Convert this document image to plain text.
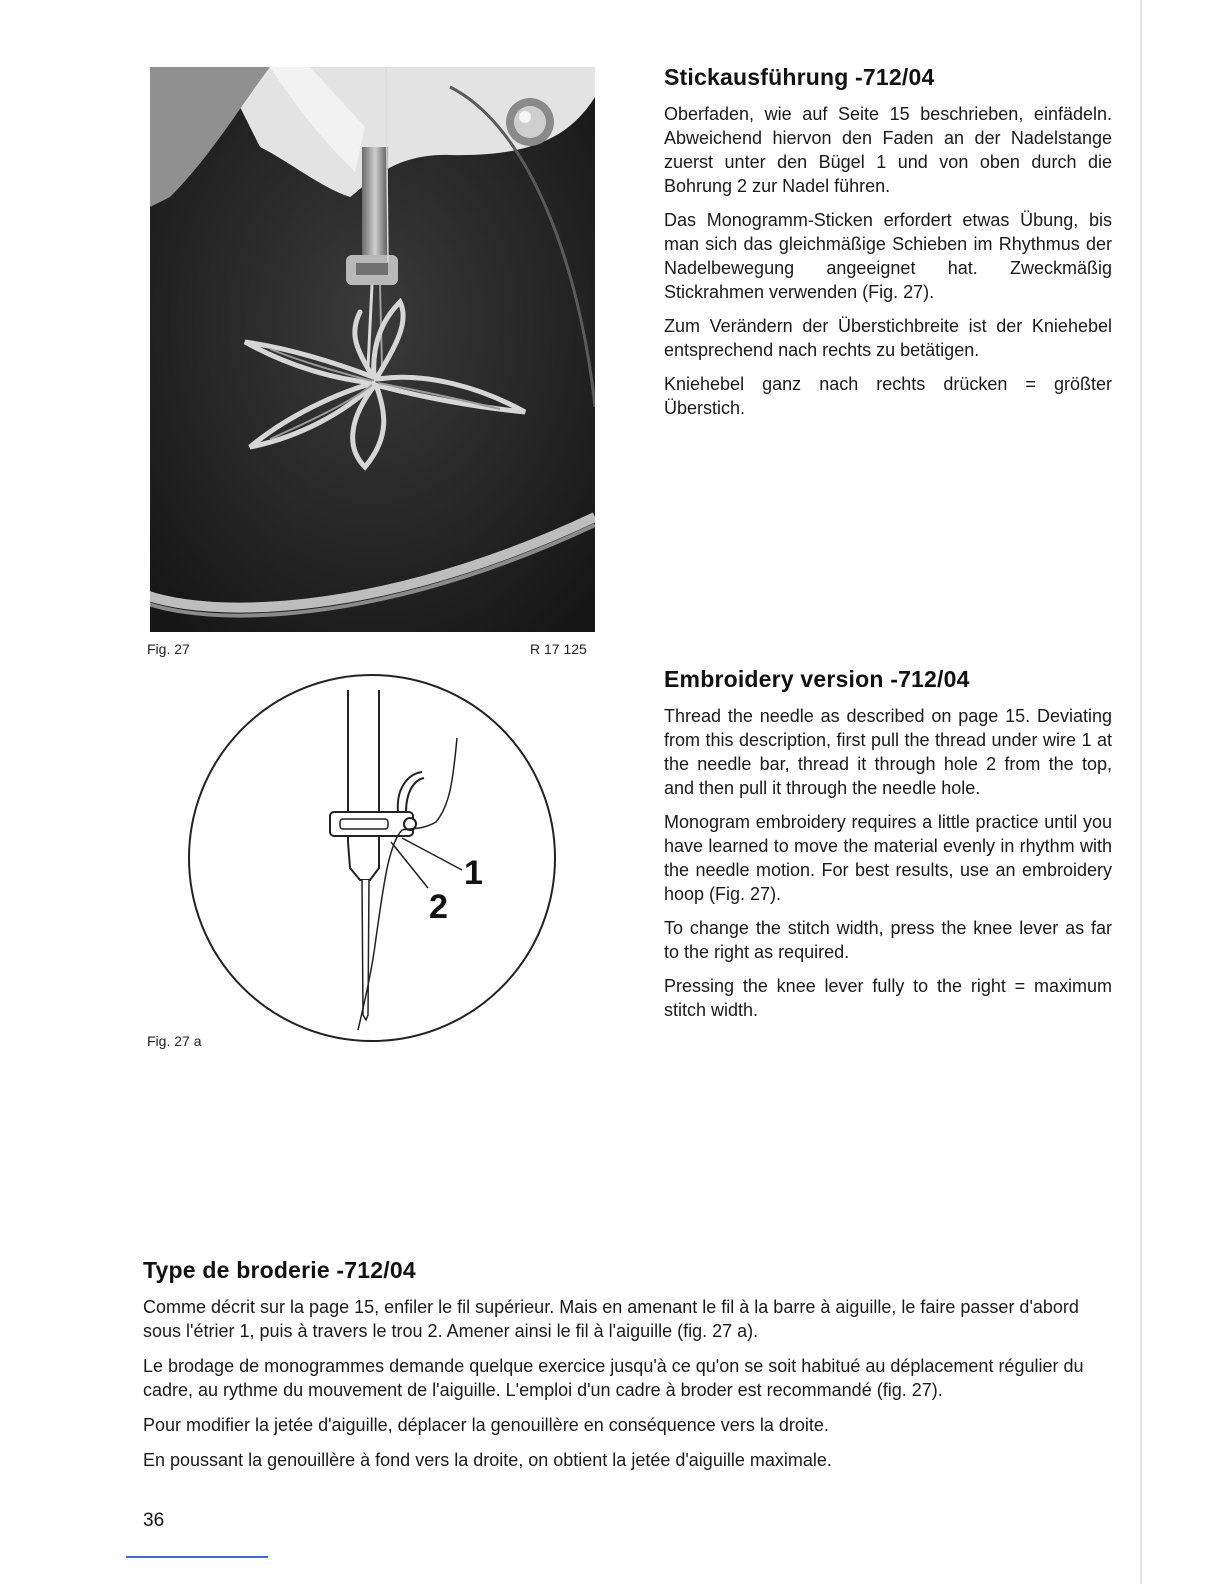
Fig. 27	R 17 125
1
2
Fig. 27 a
Stickausführung -712/04

Oberfaden, wie auf Seite 15 beschrieben, einfädeln. Abweichend hiervon den Faden an der Nadelstange zuerst unter den Bügel 1 und von oben durch die Bohrung 2 zur Nadel führen.

Das Monogramm-Sticken erfordert etwas Übung, bis man sich das gleichmäßige Schieben im Rhythmus der Nadelbewegung angeeignet hat. Zweckmäßig Stickrahmen verwenden (Fig. 27).

Zum Verändern der Überstichbreite ist der Kniehebel entsprechend nach rechts zu betätigen.

Kniehebel ganz nach rechts drücken = größter Überstich.

Embroidery version -712/04

Thread the needle as described on page 15. Deviating from this description, first pull the thread under wire 1 at the needle bar, thread it through hole 2 from the top, and then pull it through the needle hole.

Monogram embroidery requires a little practice until you have learned to move the material evenly in rhythm with the needle motion. For best results, use an embroidery hoop (Fig. 27).

To change the stitch width, press the knee lever as far to the right as required.

Pressing the knee lever fully to the right = maximum stitch width.

Type de broderie -712/04

Comme décrit sur la page 15, enfiler le fil supérieur. Mais en amenant le fil à la barre à aiguille, le faire passer d'abord sous l'étrier 1, puis à travers le trou 2. Amener ainsi le fil à l'aiguille (fig. 27 a).

Le brodage de monogrammes demande quelque exercice jusqu'à ce qu'on se soit habitué au déplacement régulier du cadre, au rythme du mouvement de l'aiguille. L'emploi d'un cadre à broder est recommandé (fig. 27).

Pour modifier la jetée d'aiguille, déplacer la genouillère en conséquence vers la droite.

En poussant la genouillère à fond vers la droite, on obtient la jetée d'aiguille maximale.

36
